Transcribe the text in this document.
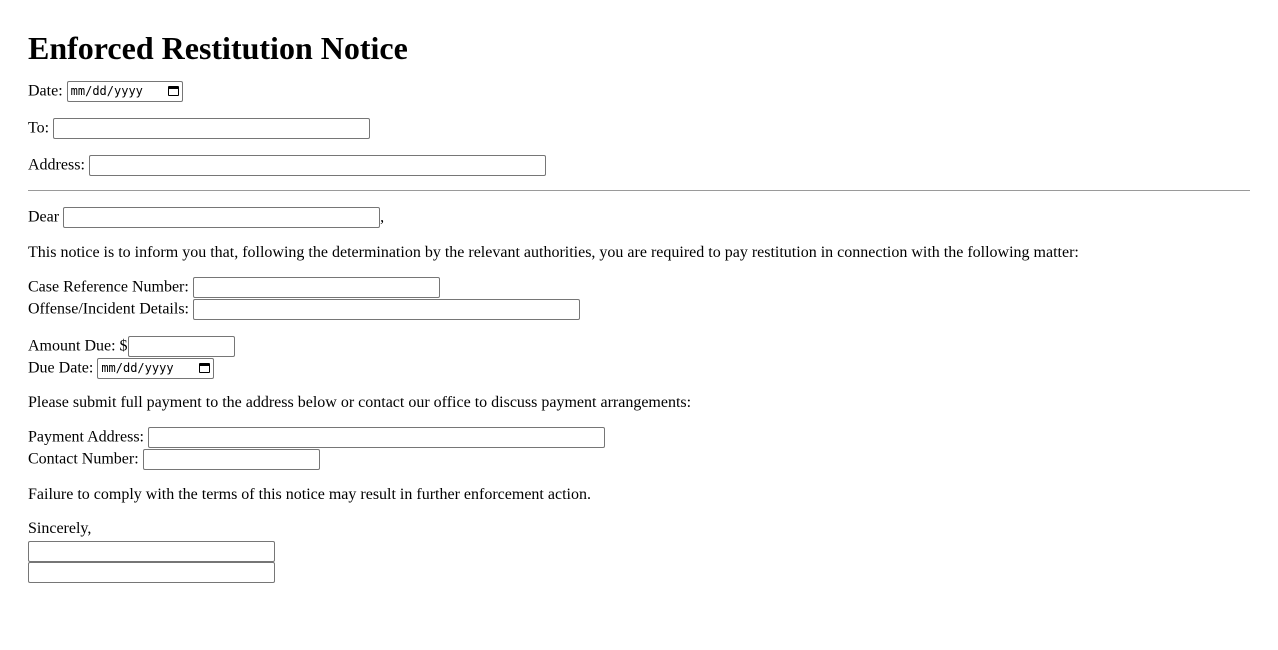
Enforced Restitution Notice
Date: mm/dd/yyyy
To:
Address:
Dear	,

This notice is to inform you that, following the determination by the relevant authorities, you are required to pay restitution in connection with the following matter:

Case Reference Number:
Offense/Incident Details:
Amount Due: $
Due Date: mm/dd/yyyy

Please submit full payment to the address below or contact our office to discuss payment arrangements:

Payment Address:
Contact Number:

Failure to comply with the terms of this notice may result in further enforcement action.

Sincerely,
